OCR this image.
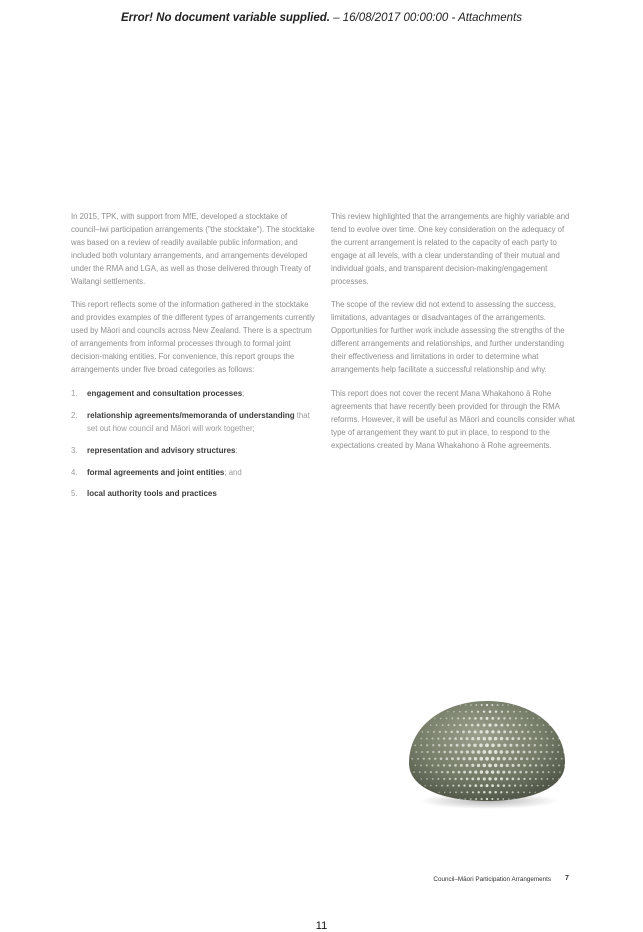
Error! No document variable supplied. – 16/08/2017 00:00:00 - Attachments

In 2015, TPK, with support from MfE, developed a stocktake of council–iwi participation arrangements ("the stocktake"). The stocktake was based on a review of readily available public information, and included both voluntary arrangements, and arrangements developed under the RMA and LGA, as well as those delivered through Treaty of Waitangi settlements.

This report reflects some of the information gathered in the stocktake and provides examples of the different types of arrangements currently used by Māori and councils across New Zealand. There is a spectrum of arrangements from informal processes through to formal joint decision-making entities. For convenience, this report groups the arrangements under five broad categories as follows:

1. engagement and consultation processes;
2. relationship agreements/memoranda of understanding that set out how council and Māori will work together;
3. representation and advisory structures;
4. formal agreements and joint entities; and
5. local authority tools and practices

This review highlighted that the arrangements are highly variable and tend to evolve over time. One key consideration on the adequacy of the current arrangement is related to the capacity of each party to engage at all levels, with a clear understanding of their mutual and individual goals, and transparent decision-making/engagement processes.

The scope of the review did not extend to assessing the success, limitations, advantages or disadvantages of the arrangements. Opportunities for further work include assessing the strengths of the different arrangements and relationships, and further understanding their effectiveness and limitations in order to determine what arrangements help facilitate a successful relationship and why.

This report does not cover the recent Mana Whakahono ā Rohe agreements that have recently been provided for through the RMA reforms. However, it will be useful as Māori and councils consider what type of arrangement they want to put in place, to respond to the expectations created by Mana Whakahono ā Rohe agreements.

Council–Māori Participation Arrangements 7
11
